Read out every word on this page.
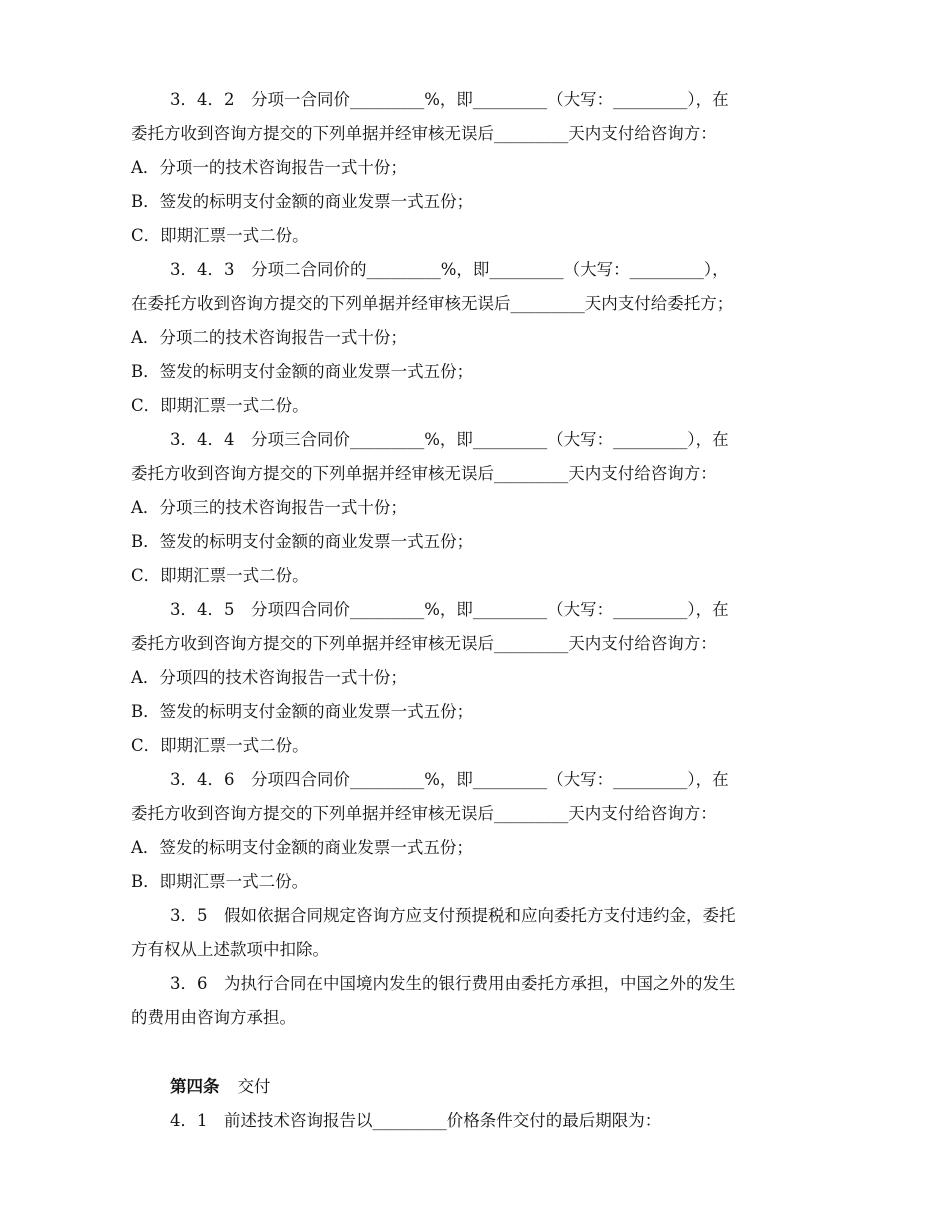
3．4．2　分项一合同价_________%，即_________（大写：_________），在
委托方收到咨询方提交的下列单据并经审核无误后_________天内支付给咨询方：
A．分项一的技术咨询报告一式十份；
B．签发的标明支付金额的商业发票一式五份；
C．即期汇票一式二份。
3．4．3　分项二合同价的_________%，即_________（大写：_________），
在委托方收到咨询方提交的下列单据并经审核无误后_________天内支付给委托方；
A．分项二的技术咨询报告一式十份；
B．签发的标明支付金额的商业发票一式五份；
C．即期汇票一式二份。
3．4．4　分项三合同价_________%，即_________（大写：_________），在
委托方收到咨询方提交的下列单据并经审核无误后_________天内支付给咨询方：
A．分项三的技术咨询报告一式十份；
B．签发的标明支付金额的商业发票一式五份；
C．即期汇票一式二份。
3．4．5　分项四合同价_________%，即_________（大写：_________），在
委托方收到咨询方提交的下列单据并经审核无误后_________天内支付给咨询方：
A．分项四的技术咨询报告一式十份；
B．签发的标明支付金额的商业发票一式五份；
C．即期汇票一式二份。
3．4．6　分项四合同价_________%，即_________（大写：_________），在
委托方收到咨询方提交的下列单据并经审核无误后_________天内支付给咨询方：
A．签发的标明支付金额的商业发票一式五份；
B．即期汇票一式二份。
3．5　假如依据合同规定咨询方应支付预提税和应向委托方支付违约金，委托
方有权从上述款项中扣除。
3．6　为执行合同在中国境内发生的银行费用由委托方承担，中国之外的发生
的费用由咨询方承担。
第四条 交付
4．1　前述技术咨询报告以_________价格条件交付的最后期限为：
